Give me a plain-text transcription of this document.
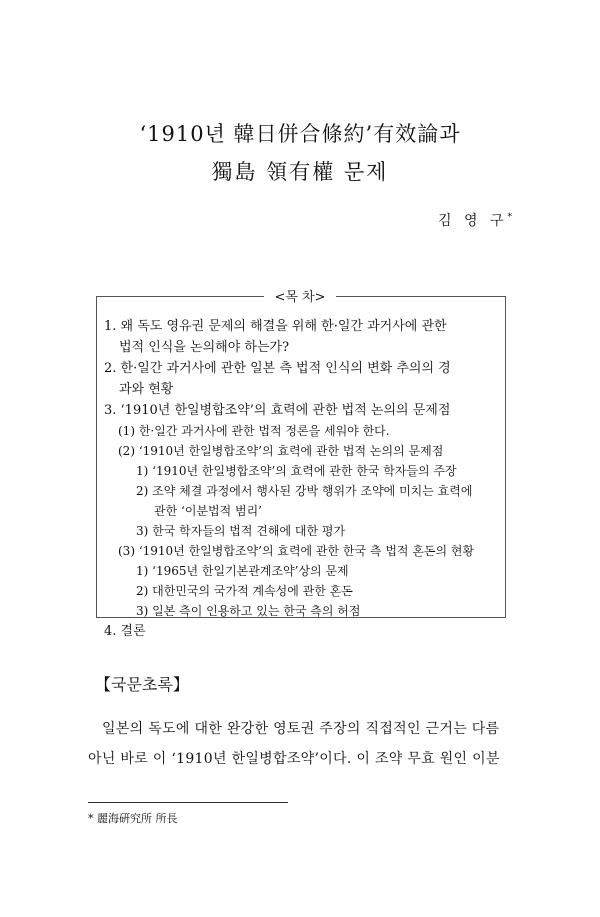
‘1910년 韓日併合條約’有效論과
獨島 領有權 문제
김 영 구*
<목 차>
1. 왜 독도 영유권 문제의 해결을 위해 한·일간 과거사에 관한
법적 인식을 논의해야 하는가?
2. 한·일간 과거사에 관한 일본 측 법적 인식의 변화 추의의 경
과와 현황
3. ‘1910년 한일병합조약’의 효력에 관한 법적 논의의 문제점
(1) 한·일간 과거사에 관한 법적 정론을 세워야 한다.
(2) ‘1910년 한일병합조약’의 효력에 관한 법적 논의의 문제점
1) ‘1910년 한일병합조약’의 효력에 관한 한국 학자들의 주장
2) 조약 체결 과정에서 행사된 강박 행위가 조약에 미치는 효력에
관한 ‘이분법적 범리’
3) 한국 학자들의 법적 견해에 대한 평가
(3) ‘1910년 한일병합조약’의 효력에 관한 한국 측 법적 혼돈의 현황
1) ‘1965년 한일기본관계조약’상의 문제
2) 대한민국의 국가적 계속성에 관한 혼돈
3) 일본 측이 인용하고 있는 한국 측의 허점
4. 결론
【국문초록】
일본의 독도에 대한 완강한 영토권 주장의 직접적인 근거는 다름
아닌 바로 이 ‘1910년 한일병합조약’이다. 이 조약 무효 원인 이분
* 麗海硏究所 所長
